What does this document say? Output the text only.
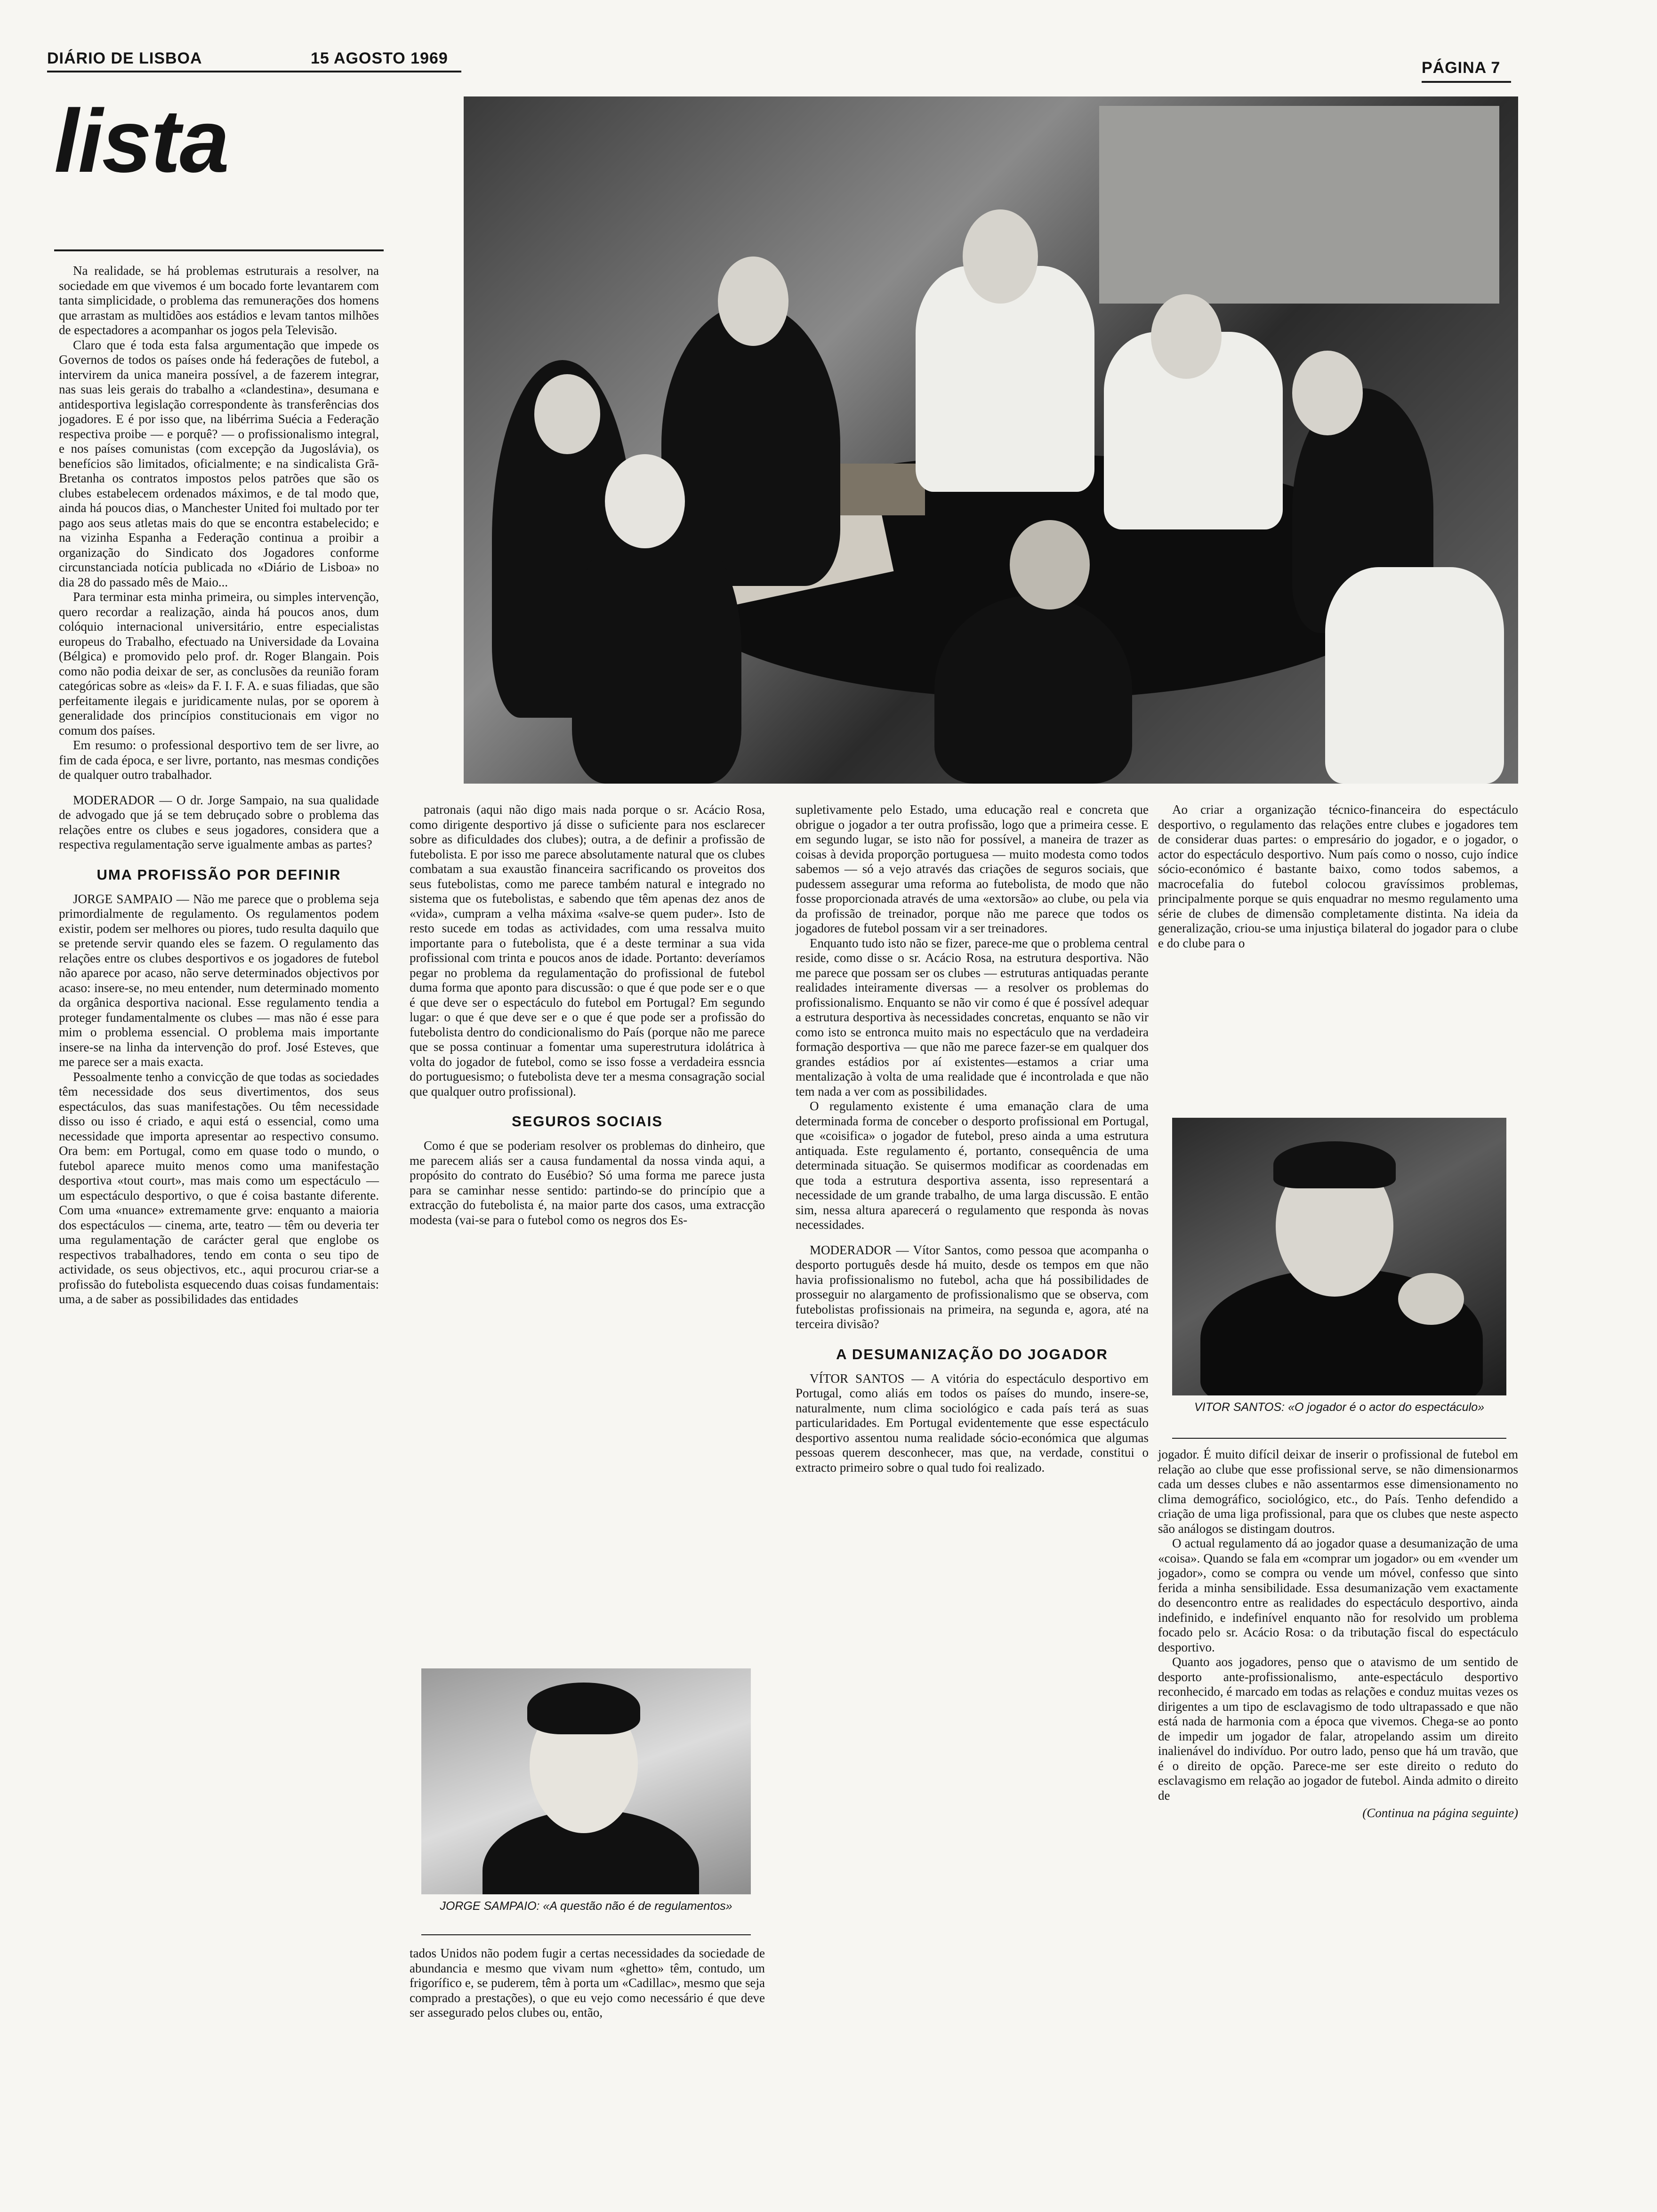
DIÁRIO DE LISBOA	15 AGOSTO 1969
PÁGINA 7
lista

Na realidade, se há problemas estruturais a resolver, na sociedade em que vivemos é um bocado forte levantarem com tanta simplicidade, o problema das remunerações dos homens que arrastam as multidões aos estádios e levam tantos milhões de espectadores a acompanhar os jogos pela Televisão.

Claro que é toda esta falsa argumentação que impede os Governos de todos os países onde há federações de futebol, a intervirem da unica maneira possível, a de fazerem integrar, nas suas leis gerais do trabalho a «clandestina», desumana e antidesportiva legislação correspondente às transferências dos jogadores. E é por isso que, na libérrima Suécia a Federação respectiva proibe — e porquê? — o profissionalismo integral, e nos países comunistas (com excepção da Jugoslávia), os benefícios são limitados, oficialmente; e na sindicalista Grã-Bretanha os contratos impostos pelos patrões que são os clubes estabelecem ordenados máximos, e de tal modo que, ainda há poucos dias, o Manchester United foi multado por ter pago aos seus atletas mais do que se encontra estabelecido; e na vizinha Espanha a Federação continua a proibir a organização do Sindicato dos Jogadores conforme circunstanciada notícia publicada no «Diário de Lisboa» no dia 28 do passado mês de Maio...

Para terminar esta minha primeira, ou simples intervenção, quero recordar a realização, ainda há poucos anos, dum colóquio internacional universitário, entre especialistas europeus do Trabalho, efectuado na Universidade da Lovaina (Bélgica) e promovido pelo prof. dr. Roger Blangain. Pois como não podia deixar de ser, as conclusões da reunião foram categóricas sobre as «leis» da F. I. F. A. e suas filiadas, que são perfeitamente ilegais e juridicamente nulas, por se oporem à generalidade dos princípios constitucionais em vigor no comum dos países.

Em resumo: o professional desportivo tem de ser livre, ao fim de cada época, e ser livre, portanto, nas mesmas condições de qualquer outro trabalhador.

MODERADOR — O dr. Jorge Sampaio, na sua qualidade de advogado que já se tem debruçado sobre o problema das relações entre os clubes e seus jogadores, considera que a respectiva regulamentação serve igualmente ambas as partes?

UMA PROFISSÃO POR DEFINIR

JORGE SAMPAIO — Não me parece que o problema seja primordialmente de regulamento. Os regulamentos podem existir, podem ser melhores ou piores, tudo resulta daquilo que se pretende servir quando eles se fazem. O regulamento das relações entre os clubes desportivos e os jogadores de futebol não aparece por acaso, não serve determinados objectivos por acaso: insere-se, no meu entender, num determinado momento da orgânica desportiva nacional. Esse regulamento tendia a proteger fundamentalmente os clubes — mas não é esse para mim o problema essencial. O problema mais importante insere-se na linha da intervenção do prof. José Esteves, que me parece ser a mais exacta.

Pessoalmente tenho a convicção de que todas as sociedades têm necessidade dos seus divertimentos, dos seus espectáculos, das suas manifestações. Ou têm necessidade disso ou isso é criado, e aqui está o essencial, como uma necessidade que importa apresentar ao respectivo consumo. Ora bem: em Portugal, como em quase todo o mundo, o futebol aparece muito menos como uma manifestação desportiva «tout court», mas mais como um espectáculo — um espectáculo desportivo, o que é coisa bastante diferente. Com uma «nuance» extremamente grve: enquanto a maioria dos espectáculos — cinema, arte, teatro — têm ou deveria ter uma regulamentação de carácter geral que englobe os respectivos trabalhadores, tendo em conta o seu tipo de actividade, os seus objectivos, etc., aqui procurou criar-se a profissão do futebolista esquecendo duas coisas fundamentais: uma, a de saber as possibilidades das entidades

patronais (aqui não digo mais nada porque o sr. Acácio Rosa, como dirigente desportivo já disse o suficiente para nos esclarecer sobre as dificuldades dos clubes); outra, a de definir a profissão de futebolista. E por isso me parece absolutamente natural que os clubes combatam a sua exaustão financeira sacrificando os proveitos dos seus futebolistas, como me parece também natural e integrado no sistema que os futebolistas, e sabendo que têm apenas dez anos de «vida», cumpram a velha máxima «salve-se quem puder». Isto de resto sucede em todas as actividades, com uma ressalva muito importante para o futebolista, que é a deste terminar a sua vida profissional com trinta e poucos anos de idade. Portanto: deveríamos pegar no problema da regulamentação do profissional de futebol duma forma que aponto para discussão: o que é que pode ser e o que é que deve ser o espectáculo do futebol em Portugal? Em segundo lugar: o que é que deve ser e o que é que pode ser a profissão do futebolista dentro do condicionalismo do País (porque não me parece que se possa continuar a fomentar uma superestrutura idolátrica à volta do jogador de futebol, como se isso fosse a verdadeira essncia do portuguesismo; o futebolista deve ter a mesma consagração social que qualquer outro profissional).

SEGUROS SOCIAIS

Como é que se poderiam resolver os problemas do dinheiro, que me parecem aliás ser a causa fundamental da nossa vinda aqui, a propósito do contrato do Eusébio? Só uma forma me parece justa para se caminhar nesse sentido: partindo-se do princípio que a extracção do futebolista é, na maior parte dos casos, uma extracção modesta (vai-se para o futebol como os negros dos Es-

JORGE SAMPAIO: «A questão não é de regulamentos»

tados Unidos não podem fugir a certas necessidades da sociedade de abundancia e mesmo que vivam num «ghetto» têm, contudo, um frigorífico e, se puderem, têm à porta um «Cadillac», mesmo que seja comprado a prestações), o que eu vejo como necessário é que deve ser assegurado pelos clubes ou, então,

supletivamente pelo Estado, uma educação real e concreta que obrigue o jogador a ter outra profissão, logo que a primeira cesse. E em segundo lugar, se isto não for possível, a maneira de trazer as coisas à devida proporção portuguesa — muito modesta como todos sabemos — só a vejo através das criações de seguros sociais, que pudessem assegurar uma reforma ao futebolista, de modo que não fosse proporcionada através de uma «extorsão» ao clube, ou pela via da profissão de treinador, porque não me parece que todos os jogadores de futebol possam vir a ser treinadores.

Enquanto tudo isto não se fizer, parece-me que o problema central reside, como disse o sr. Acácio Rosa, na estrutura desportiva. Não me parece que possam ser os clubes — estruturas antiquadas perante realidades inteiramente diversas — a resolver os problemas do profissionalismo. Enquanto se não vir como é que é possível adequar a estrutura desportiva às necessidades concretas, enquanto se não vir como isto se entronca muito mais no espectáculo que na verdadeira formação desportiva — que não me parece fazer-se em qualquer dos grandes estádios por aí existentes—estamos a criar uma mentalização à volta de uma realidade que é incontrolada e que não tem nada a ver com as possibilidades.

O regulamento existente é uma emanação clara de uma determinada forma de conceber o desporto profissional em Portugal, que «coisifica» o jogador de futebol, preso ainda a uma estrutura antiquada. Este regulamento é, portanto, consequência de uma determinada situação. Se quisermos modificar as coordenadas em que toda a estrutura desportiva assenta, isso representará a necessidade de um grande trabalho, de uma larga discussão. E então sim, nessa altura aparecerá o regulamento que responda às novas necessidades.

MODERADOR — Vítor Santos, como pessoa que acompanha o desporto português desde há muito, desde os tempos em que não havia profissionalismo no futebol, acha que há possibilidades de prosseguir no alargamento de profissionalismo que se observa, com futebolistas profissionais na primeira, na segunda e, agora, até na terceira divisão?

A DESUMANIZAÇÃO DO JOGADOR

VÍTOR SANTOS — A vitória do espectáculo desportivo em Portugal, como aliás em todos os países do mundo, insere-se, naturalmente, num clima sociológico e cada país terá as suas particularidades. Em Portugal evidentemente que esse espectáculo desportivo assentou numa realidade sócio-económica que algumas pessoas querem desconhecer, mas que, na verdade, constitui o extracto primeiro sobre o qual tudo foi realizado.

Ao criar a organização técnico-financeira do espectáculo desportivo, o regulamento das relações entre clubes e jogadores tem de considerar duas partes: o empresário do jogador, e o jogador, o actor do espectáculo desportivo. Num país como o nosso, cujo índice sócio-económico é bastante baixo, como todos sabemos, a macrocefalia do futebol colocou gravíssimos problemas, principalmente porque se quis enquadrar no mesmo regulamento uma série de clubes de dimensão completamente distinta. Na ideia da generalização, criou-se uma injustiça bilateral do jogador para o clube e do clube para o

VITOR SANTOS: «O jogador é o actor do espectáculo»

jogador. É muito difícil deixar de inserir o profissional de futebol em relação ao clube que esse profissional serve, se não dimensionarmos cada um desses clubes e não assentarmos esse dimensionamento no clima demográfico, sociológico, etc., do País. Tenho defendido a criação de uma liga profissional, para que os clubes que neste aspecto são análogos se distingam doutros.

O actual regulamento dá ao jogador quase a desumanização de uma «coisa». Quando se fala em «comprar um jogador» ou em «vender um jogador», como se compra ou vende um móvel, confesso que sinto ferida a minha sensibilidade. Essa desumanização vem exactamente do desencontro entre as realidades do espectáculo desportivo, ainda indefinido, e indefinível enquanto não for resolvido um problema focado pelo sr. Acácio Rosa: o da tributação fiscal do espectáculo desportivo.

Quanto aos jogadores, penso que o atavismo de um sentido de desporto ante-profissionalismo, ante-espectáculo desportivo reconhecido, é marcado em todas as relações e conduz muitas vezes os dirigentes a um tipo de esclavagismo de todo ultrapassado e que não está nada de harmonia com a época que vivemos. Chega-se ao ponto de impedir um jogador de falar, atropelando assim um direito inalienável do indivíduo. Por outro lado, penso que há um travão, que é o direito de opção. Parece-me ser este direito o reduto do esclavagismo em relação ao jogador de futebol. Ainda admito o direito de

(Continua na página seguinte)
